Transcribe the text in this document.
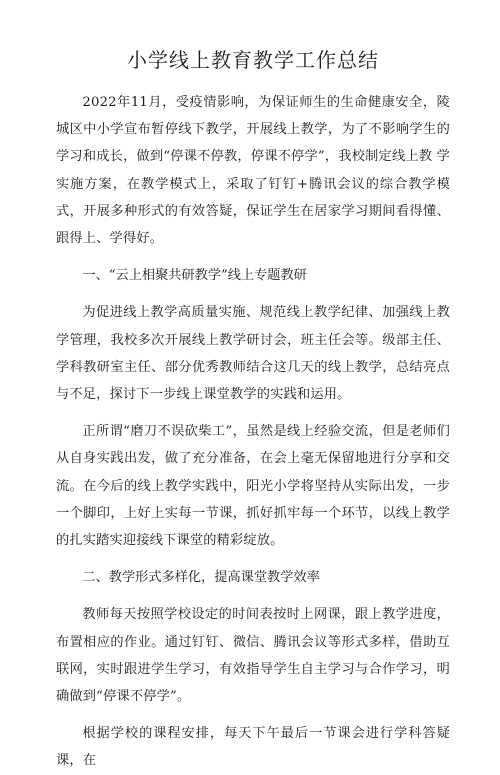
小学线上教育教学工作总结

2022年11月，受疫情影响，为保证师生的生命健康安全，陵 城区中小学宣布暂停线下教学，开展线上教学，为了不影响学生的 学习和成长，做到“停课不停教，停课不停学”，我校制定线上教 学实施方案，在教学模式上，采取了钉钉+腾讯会议的综合教学模 式，开展多种形式的有效答疑，保证学生在居家学习期间看得懂、 跟得上、学得好。

一、“云上相聚共研教学”线上专题教研

为促进线上教学高质量实施、规范线上教学纪律、加强线上教 学管理，我校多次开展线上教学研讨会，班主任会等。级部主任、 学科教研室主任、部分优秀教师结合这几天的线上教学，总结亮点 与不足，探讨下一步线上课堂教学的实践和运用。

正所谓“磨刀不误砍柴工”，虽然是线上经验交流，但是老师们 从自身实践出发，做了充分准备，在会上毫无保留地进行分享和交 流。在今后的线上教学实践中，阳光小学将坚持从实际出发，一步 一个脚印，上好上实每一节课，抓好抓牢每一个环节，以线上教学 的扎实踏实迎接线下课堂的精彩绽放。

二、教学形式多样化，提高课堂教学效率

教师每天按照学校设定的时间表按时上网课，跟上教学进度， 布置相应的作业。通过钉钉、微信、腾讯会议等形式多样，借助互 联网，实时跟进学生学习，有效指导学生自主学习与合作学习，明 确做到“停课不停学”。

根据学校的课程安排，每天下午最后一节课会进行学科答疑 课，在
